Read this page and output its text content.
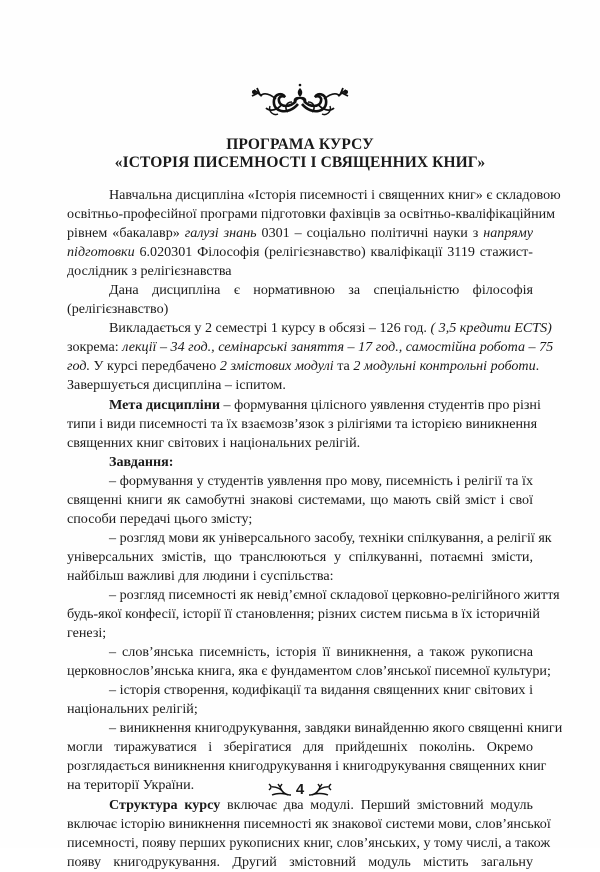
ПРОГРАМА КУРСУ
«ІСТОРІЯ ПИСЕМНОСТІ І СВЯЩЕННИХ КНИГ»
Навчальна дисципліна «Історія писемності і священних книг» є складовою
освітньо-професійної програми підготовки фахівців за освітньо-кваліфікаційним
рівнем «бакалавр» галузі знань 0301 – соціально політичні науки з напряму
підготовки 6.020301 Філософія (релігієзнавство) кваліфікації 3119 стажист-
дослідник з релігієзнавства
Дана дисципліна є нормативною за спеціальністю філософія
(релігієзнавство)
Викладається у 2 семестрі 1 курсу в обсязі – 126 год. ( 3,5 кредити ECTS)
зокрема: лекції – 34 год., семінарські заняття – 17 год., самостійна робота – 75
год. У курсі передбачено 2 змістових модулі та 2 модульні контрольні роботи.
Завершується дисципліна – іспитом.
Мета дисципліни – формування цілісного уявлення студентів про різні
типи і види писемності та їх взаємозв’язок з рілігіями та історією виникнення
священних книг світових і національних релігій.
Завдання:
– формування у студентів уявлення про мову, писемність і релігії та їх
священні книги як самобутні знакові системами, що мають свій зміст і свої
способи передачі цього змісту;
– розгляд мови як універсального засобу, техніки спілкування, а релігії як
універсальних змістів, що транслюються у спілкуванні, потаємні змісти,
найбільш важливі для людини і суспільства:
– розгляд писемності як невід’ємної складової церковно-релігійного життя
будь-якої конфесії, історії її становлення; різних систем письма в їх історичній
генезі;
– слов’янська писемність, історія її виникнення, а також рукописна
церковнослов’янська книга, яка є фундаментом слов’янської писемної культури;
– історія створення, кодифікації та видання священних книг світових і
національних релігій;
– виникнення книгодрукування, завдяки винайденню якого священні книги
могли тиражуватися і зберігатися для прийдешніх поколінь. Окремо
розглядається виникнення книгодрукування і книгодрукування священних книг
на території України.
Структура курсу включає два модулі. Перший змістовний модуль
включає історію виникнення писемності як знакової системи мови, слов’янської
писемності, появу перших рукописних книг, слов’янських, у тому числі, а також
появу книгодрукування. Другий змістовний модуль містить загальну
4
